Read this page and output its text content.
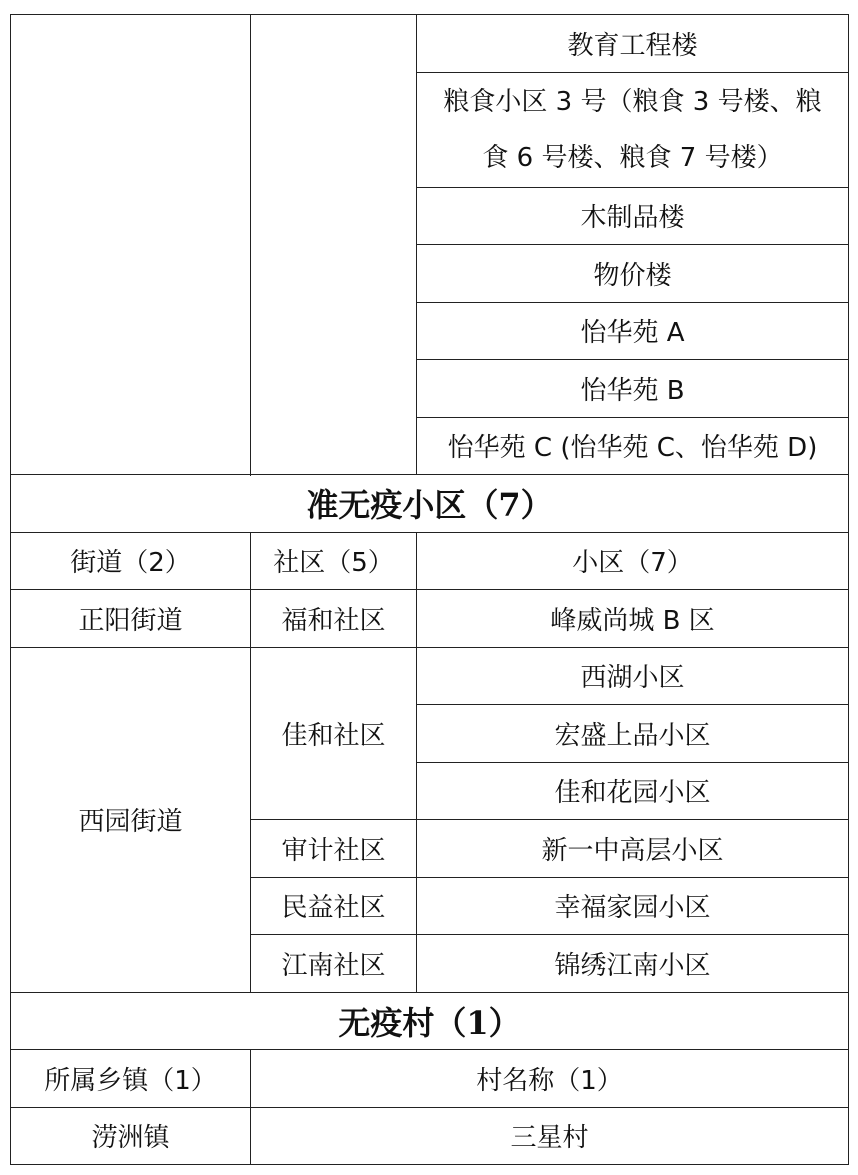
		教育工程楼
		粮食小区 3 号（粮食 3 号楼、粮食 6 号楼、粮食 7 号楼）
		木制品楼
		物价楼
		怡华苑 A
		怡华苑 B
		怡华苑 C (怡华苑 C、怡华苑 D)

准无疫小区（7）		
街道（2）	社区（5）	小区（7）
正阳街道	福和社区	峰威尚城 B 区
西园街道	佳和社区	西湖小区
		宏盛上品小区
		佳和花园小区
	审计社区	新一中高层小区
	民益社区	幸福家园小区
	江南社区	锦绣江南小区
无疫村（1）		
所属乡镇（1）	村名称（1）	
涝洲镇	三星村	
